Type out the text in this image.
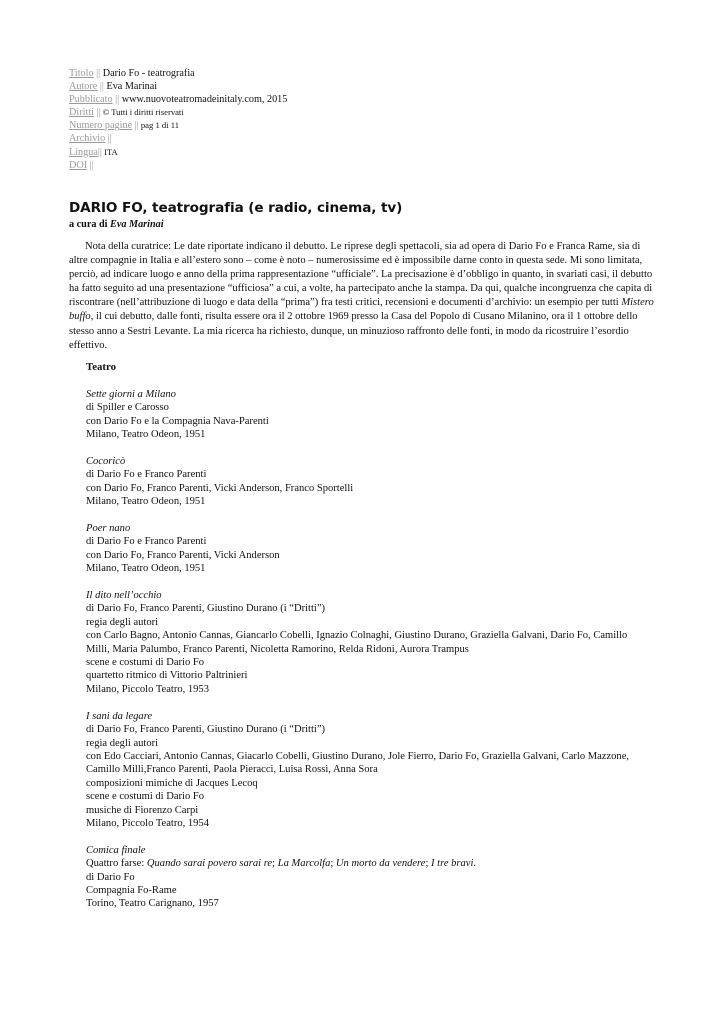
Titolo || Dario Fo - teatrografia
Autore || Eva Marinai
Pubblicato || www.nuovoteatromadeinitaly.com, 2015
Diritti || © Tutti i diritti riservati
Numero pagine || pag 1 di 11
Archivio ||
Lingua|| ITA
DOI ||
DARIO FO, teatrografia (e radio, cinema, tv)
a cura di Eva Marinai

Nota della curatrice: Le date riportate indicano il debutto. Le riprese degli spettacoli, sia ad opera di Dario Fo e Franca Rame, sia di altre compagnie in Italia e all’estero sono – come è noto – numerosissime ed è impossibile darne conto in questa sede. Mi sono limitata, perciò, ad indicare luogo e anno della prima rappresentazione “ufficiale”. La precisazione è d’obbligo in quanto, in svariati casi, il debutto ha fatto seguito ad una presentazione “ufficiosa” a cui, a volte, ha partecipato anche la stampa. Da qui, qualche incongruenza che capita di riscontrare (nell’attribuzione di luogo e data della “prima”) fra testi critici, recensioni e documenti d’archivio: un esempio per tutti Mistero buffo, il cui debutto, dalle fonti, risulta essere ora il 2 ottobre 1969 presso la Casa del Popolo di Cusano Milanino, ora il 1 ottobre dello stesso anno a Sestri Levante. La mia ricerca ha richiesto, dunque, un minuzioso raffronto delle fonti, in modo da ricostruire l’esordio effettivo.

Teatro
Sette giorni a Milano
di Spiller e Carosso
con Dario Fo e la Compagnia Nava-Parenti
Milano, Teatro Odeon, 1951
Cocoricò
di Dario Fo e Franco Parenti
con Dario Fo, Franco Parenti, Vicki Anderson, Franco Sportelli
Milano, Teatro Odeon, 1951
Poer nano
di Dario Fo e Franco Parenti
con Dario Fo, Franco Parenti, Vicki Anderson
Milano, Teatro Odeon, 1951
Il dito nell’occhio
di Dario Fo, Franco Parenti, Giustino Durano (i “Dritti”)
regia degli autori
con Carlo Bagno, Antonio Cannas, Giancarlo Cobelli, Ignazio Colnaghi, Giustino Durano, Graziella Galvani, Dario Fo, Camillo Milli, Maria Palumbo, Franco Parenti, Nicoletta Ramorino, Relda Ridoni, Aurora Trampus
scene e costumi di Dario Fo
quartetto ritmico di Vittorio Paltrinieri
Milano, Piccolo Teatro, 1953
I sani da legare
di Dario Fo, Franco Parenti, Giustino Durano (i “Dritti”)
regia degli autori
con Edo Cacciari, Antonio Cannas, Giacarlo Cobelli, Giustino Durano, Jole Fierro, Dario Fo, Graziella Galvani, Carlo Mazzone, Camillo Milli,Franco Parenti, Paola Pieracci, Luisa Rossi, Anna Sora
composizioni mimiche di Jacques Lecoq
scene e costumi di Dario Fo
musiche di Fiorenzo Carpi
Milano, Piccolo Teatro, 1954
Comica finale
Quattro farse: Quando sarai povero sarai re; La Marcolfa; Un morto da vendere; I tre bravi.
di Dario Fo
Compagnia Fo-Rame
Torino, Teatro Carignano, 1957
